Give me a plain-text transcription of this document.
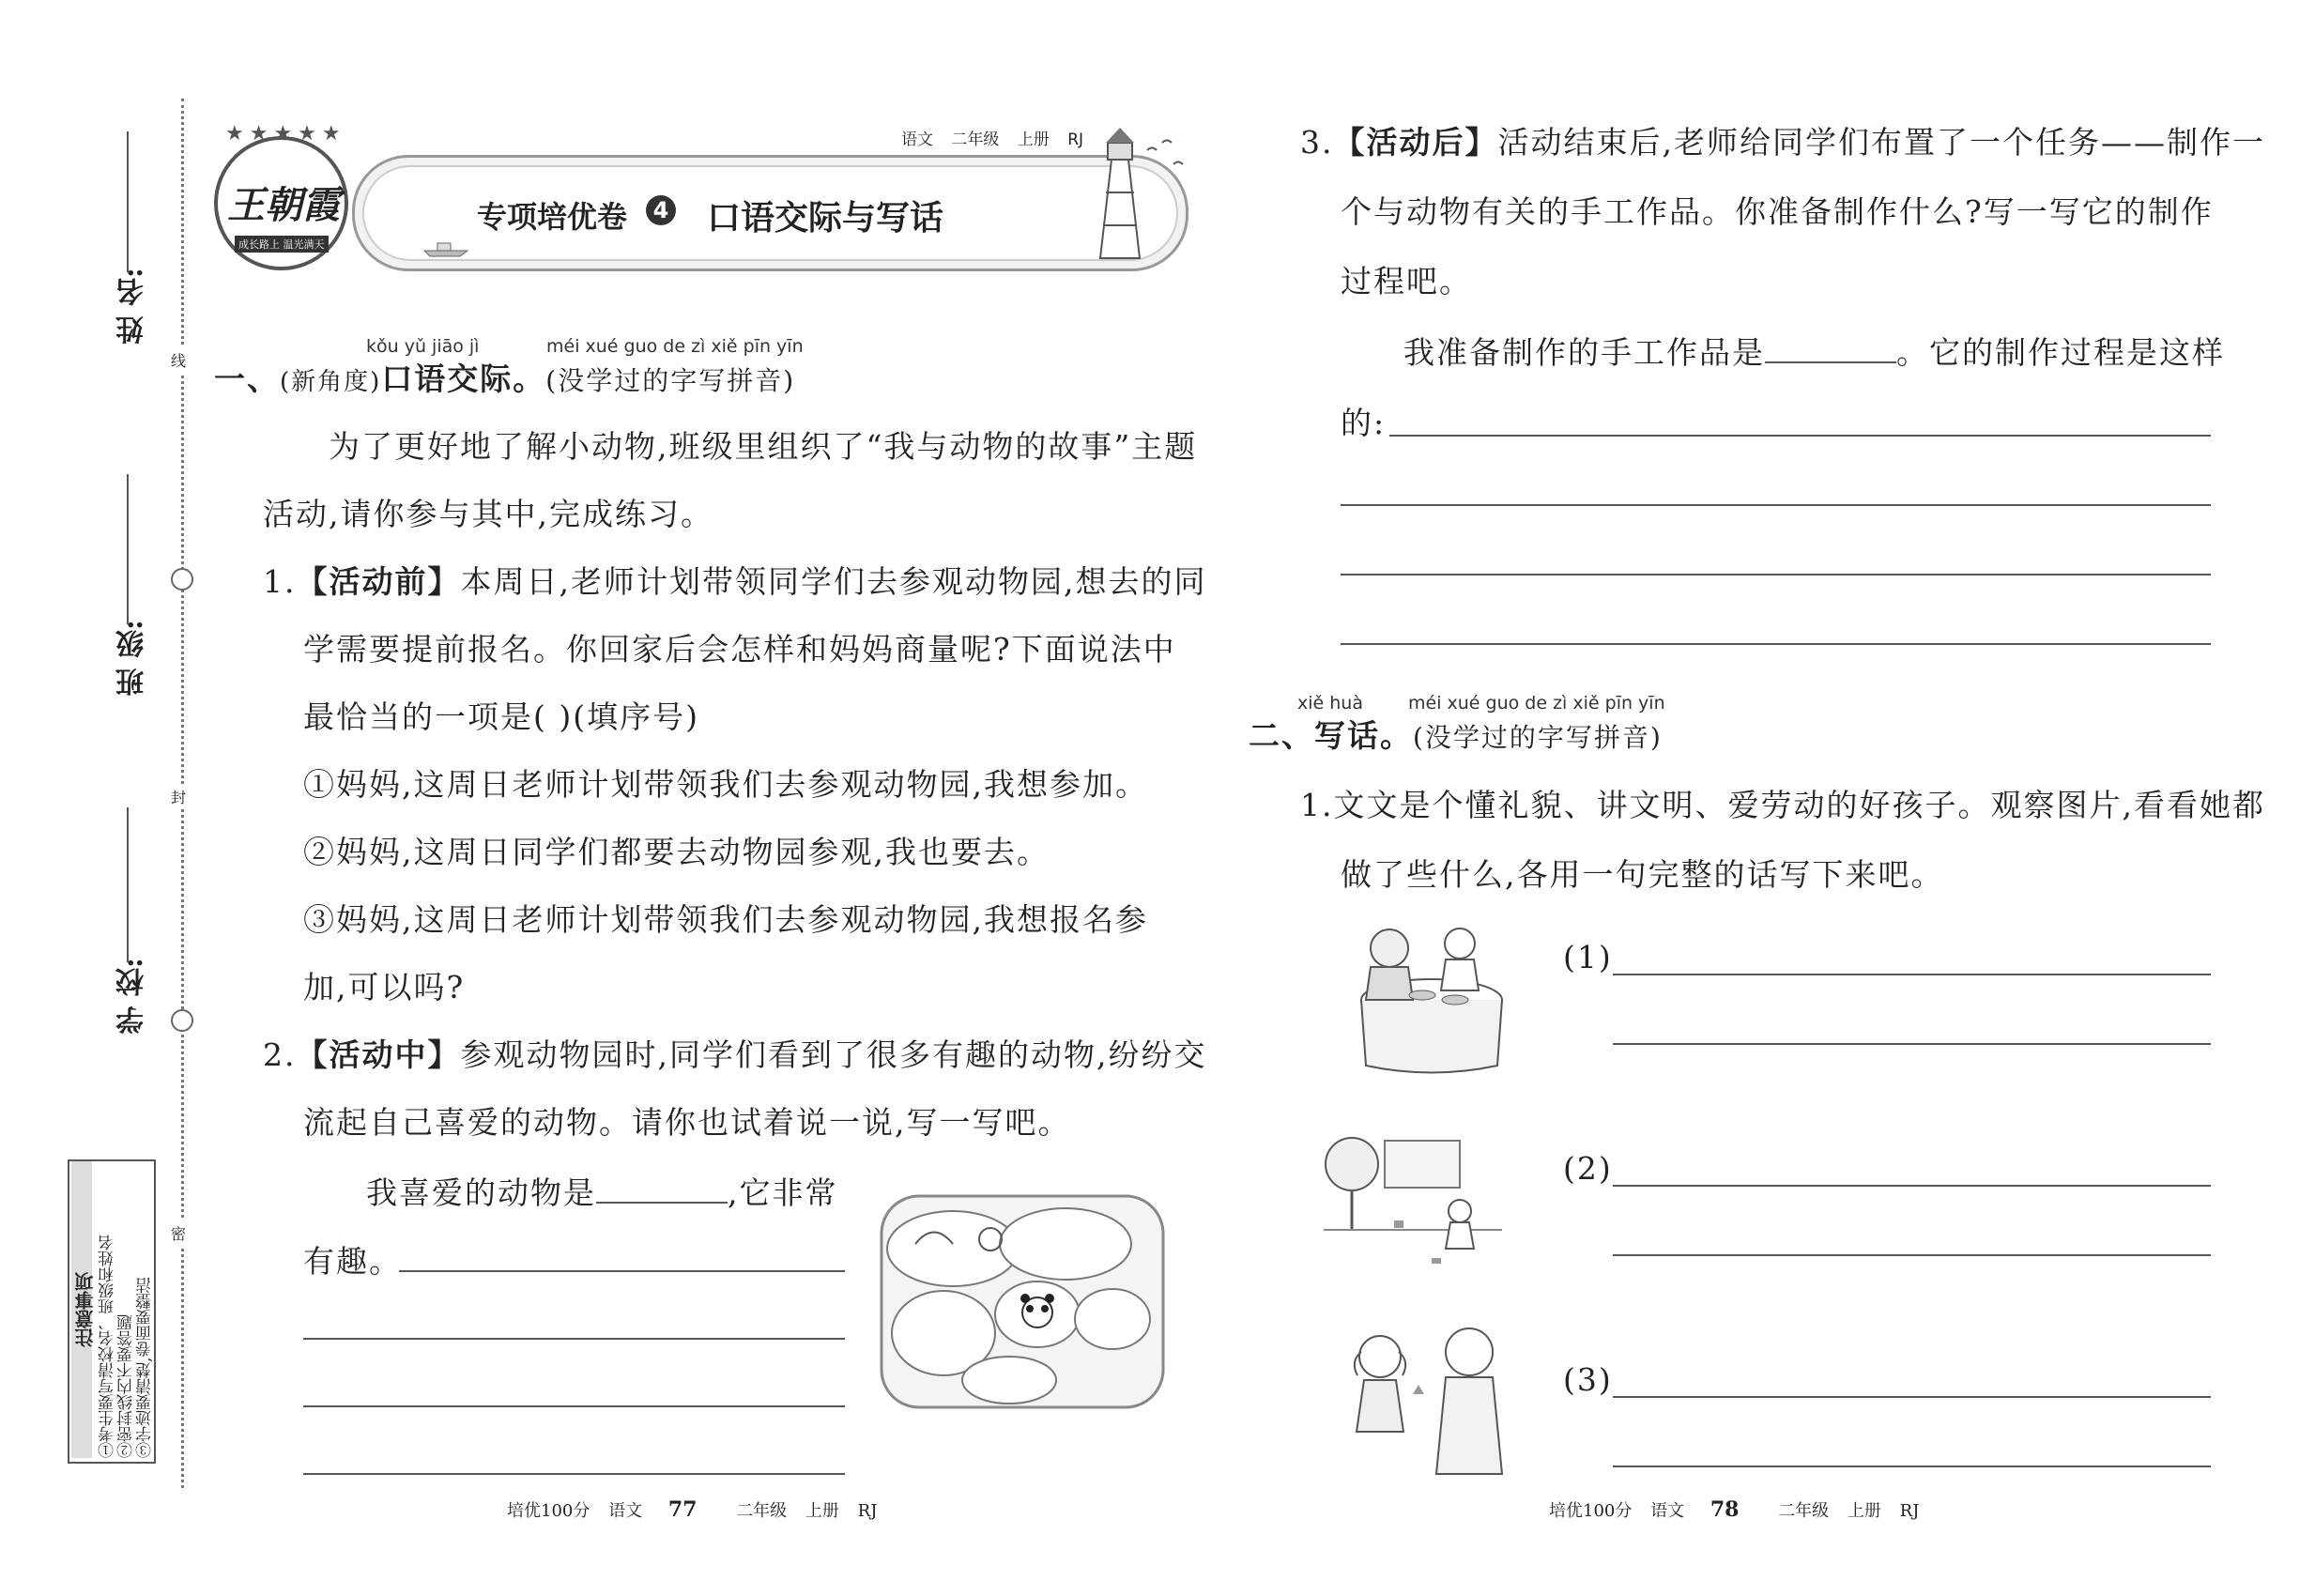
姓 名:
班 级:
学 校:
线
封
密
注意事项 ①考生要写清校名、班级和姓名 ②密封线内不要答题 ③字迹要清楚,卷面要整洁
王朝霞
成长路上 温光满天
★★★★★	语文 二年级 上册 RJ
专项培优卷	4 口语交际与写话
kǒu yǔ jiāo jì	méi xué guo de zì xiě pīn yīn
一、(新角度)口语交际。(没学过的字写拼音)
为了更好地了解小动物,班级里组织了“我与动物的故事”主题
活动,请你参与其中,完成练习。
1.【活动前】本周日,老师计划带领同学们去参观动物园,想去的同
学需要提前报名。你回家后会怎样和妈妈商量呢?下面说法中
最恰当的一项是( )(填序号)
①妈妈,这周日老师计划带领我们去参观动物园,我想参加。
②妈妈,这周日同学们都要去动物园参观,我也要去。
③妈妈,这周日老师计划带领我们去参观动物园,我想报名参
加,可以吗?
2.【活动中】参观动物园时,同学们看到了很多有趣的动物,纷纷交
流起自己喜爱的动物。请你也试着说一说,写一写吧。
我喜爱的动物是	,它非常
有趣。
3.【活动后】活动结束后,老师给同学们布置了一个任务——制作一
个与动物有关的手工作品。你准备制作什么?写一写它的制作
过程吧。
我准备制作的手工作品是	。它的制作过程是这样
的:
xiě huà	méi xué guo de zì xiě pīn yīn
二、写话。(没学过的字写拼音)
1.文文是个懂礼貌、讲文明、爱劳动的好孩子。观察图片,看看她都
做了些什么,各用一句完整的话写下来吧。
(1)
(2)
(3)
培优100分 语文 77 二年级 上册 RJ	培优100分 语文 78 二年级 上册 RJ
